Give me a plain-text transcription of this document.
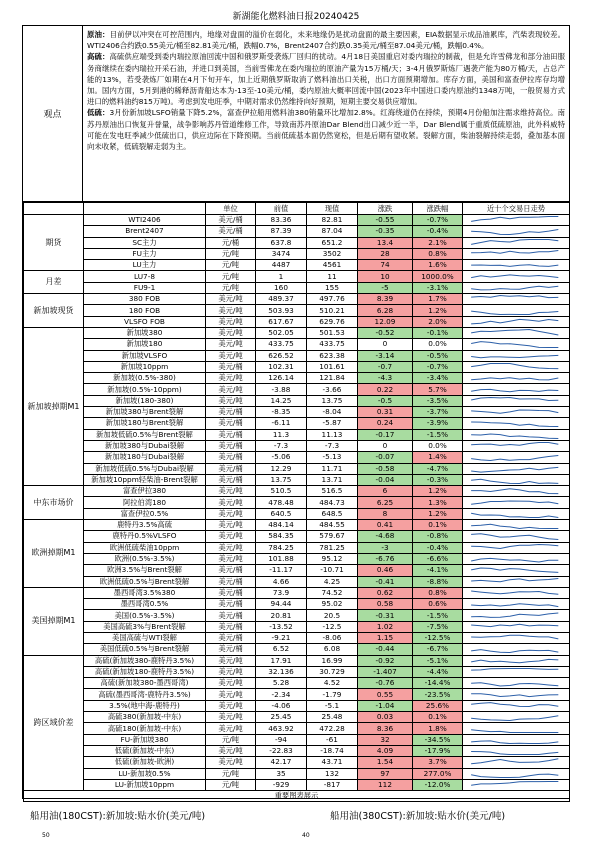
新湖能化燃料油日报20240425
观点

原油：目前伊以冲突在可控范围内，地缘对盘面的溢价在弱化，未来地缘仍是扰动盘面的最主要因素，EIA数据显示成品油累库，汽柴表现较差。WTI2406合约跌0.55美元/桶至82.81美元/桶，跌幅0.7%，Brent2407合约跌0.35美元/桶至87.04美元/桶，跌幅0.4%。

高硫：高硫供应端受到委内瑞拉原油回流中国和俄罗斯受袭炼厂回归的扰动。4月18日美国重启对委内瑞拉的制裁，但是允许雪佛龙和部分油田服务商继续在委内瑞拉开采石油，并进口到美国，当前雪佛龙在委内瑞拉的原油产量为15万桶/天；3-4月俄罗斯炼厂遇袭产能为80万桶/天，占总产能的13%，若受袭炼厂如期在4月下旬开车，加上近期俄罗斯取消了燃料油出口关税，出口方面预期增加。库存方面，美国和富查伊拉库存均增加。国内方面，5月到港的稀释沥青船达本为-13至-10美元/桶，委内原油大概率回流中国(2023年中国进口委内原油约1348万吨，一般贸易方式进口的燃料油约815万吨)。考虑到发电旺季，中期对需求仍然维持向好预期，短期主要交易供应增加。

低硫：3月份新加坡LSFO销量下降5.2%，富查伊拉船用燃料油380销量环比增加2.8%。红海绕道仍在持续，预期4月份船加注需求维持高位。南苏丹原油出口恢复升誉量，战争影响苏丹管道维修工作，导致南苏丹原油Dar Blend出口减少近一半，Dar Blend属于重质低硫原油，此外科威特可能在发电旺季减少低硫出口，供应边际在下降预期。当前低硫基本面仍然宽松，但是后期有望收紧。裂解方面，柴油裂解持续走弱，叠加基本面向未收紧，低硫裂解走弱为主。

		单位	前值	现值	涨跌	涨跌幅	近十个交易日走势
期货	WTI2406	美元/桶	83.36	82.81	-0.55	-0.7%	

	Brent2407	美元/桶	87.39	87.04	-0.35	-0.4%	

	SC主力	元/桶	637.8	651.2	13.4	2.1%	

	FU主力	元/吨	3474	3502	28	0.8%	

	LU主力	元/吨	4487	4561	74	1.6%	

月差	LU7-8	元/吨	1	11	10	1000.0%	

	FU9-1	元/吨	160	155	-5	-3.1%	

新加坡现货	380 FOB	美元/吨	489.37	497.76	8.39	1.7%	

	180 FOB	美元/吨	503.93	510.21	6.28	1.2%	

	VLSFO FOB	美元/吨	617.67	629.76	12.09	2.0%	

新加坡掉期M1	新加坡380	美元/吨	502.05	501.53	-0.52	-0.1%	

	新加坡180	美元/吨	433.75	433.75	0	0.0%	

	新加坡VLSFO	美元/吨	626.52	623.38	-3.14	-0.5%	

	新加坡10ppm	美元/桶	102.31	101.61	-0.7	-0.7%	

	新加坡(0.5%-380)	美元/吨	126.14	121.84	-4.3	-3.4%	

	新加坡(0.5%-10ppm)	美元/吨	-3.88	-3.66	0.22	5.7%	

	新加坡(180-380)	美元/吨	14.25	13.75	-0.5	-3.5%	

	新加坡380与Brent裂解	美元/桶	-8.35	-8.04	0.31	-3.7%	

	新加坡180与Brent裂解	美元/桶	-6.11	-5.87	0.24	-3.9%	

	新加坡低硫0.5%与Brent裂解	美元/桶	11.3	11.13	-0.17	-1.5%	

	新加坡380与Dubai裂解	美元/桶	-7.3	-7.3	0	0.0%	

	新加坡180与Dubai裂解	美元/桶	-5.06	-5.13	-0.07	1.4%	

	新加坡低硫0.5%与Dubai裂解	美元/桶	12.29	11.71	-0.58	-4.7%	

	新加坡10ppm轻柴油-Brent裂解	美元/桶	13.75	13.71	-0.04	-0.3%	

中东市场价	富查伊拉380	美元/吨	510.5	516.5	6	1.2%	

	阿拉伯湾180	美元/吨	478.48	484.73	6.25	1.3%	

	富查伊拉0.5%	美元/吨	640.5	648.5	8	1.2%	

欧洲掉期M1	鹿特丹3.5%高硫	美元/吨	484.14	484.55	0.41	0.1%	

	鹿特丹0.5%VLSFO	美元/吨	584.35	579.67	-4.68	-0.8%	

	欧洲低硫柴油10ppm	美元/吨	784.25	781.25	-3	-0.4%	

	欧洲(0.5%-3.5%)	美元/吨	101.88	95.12	-6.76	-6.6%	

	欧洲3.5%与Brent裂解	美元/桶	-11.17	-10.71	0.46	-4.1%	

	欧洲低硫0.5%与Brent裂解	美元/桶	4.66	4.25	-0.41	-8.8%	

美国掉期M1	墨西哥湾3.5%380	美元/桶	73.9	74.52	0.62	0.8%	

	墨西哥湾0.5%	美元/桶	94.44	95.02	0.58	0.6%	

	美国(0.5%-3.5%)	美元/桶	20.81	20.5	-0.31	-1.5%	

	美国高硫3%与Brent裂解	美元/桶	-13.52	-12.5	1.02	-7.5%	

	美国高硫与WTI裂解	美元/桶	-9.21	-8.06	1.15	-12.5%	

	美国低硫0.5%与Brent裂解	美元/桶	6.52	6.08	-0.44	-6.7%	

跨区域价差	高硫(新加坡380-鹿特丹3.5%)	美元/吨	17.91	16.99	-0.92	-5.1%	

	高硫(新加坡180-鹿特丹3.5%)	美元/吨	32.136	30.729	-1.407	-4.4%	

	高硫(新加坡380-墨西哥湾)	美元/吨	5.28	4.52	-0.76	-14.4%	

	高硫(墨西哥湾-鹿特丹3.5%)	美元/吨	-2.34	-1.79	0.55	-23.5%	

	3.5%(地中海-鹿特丹)	美元/吨	-4.06	-5.1	-1.04	25.6%	

	高硫380(新加坡-中东)	美元/吨	25.45	25.48	0.03	0.1%	

	高硫180(新加坡-中东)	美元/吨	463.92	472.28	8.36	1.8%	

	FU-新加坡380	元/吨	-94	-61	32	-34.5%	

	低硫(新加坡-中东)	美元/吨	-22.83	-18.74	4.09	-17.9%	

	低硫(新加坡-欧洲)	美元/吨	42.17	43.71	1.54	3.7%	

	LU-新加坡0.5%	元/吨	35	132	97	277.0%	

	LU-新加坡10ppm	元/吨	-929	-817	112	-12.0%	

重要图表展示							
船用油(180CST):新加坡:贴水价(美元/吨)	船用油(380CST):新加坡:贴水价(美元/吨)
50	40
